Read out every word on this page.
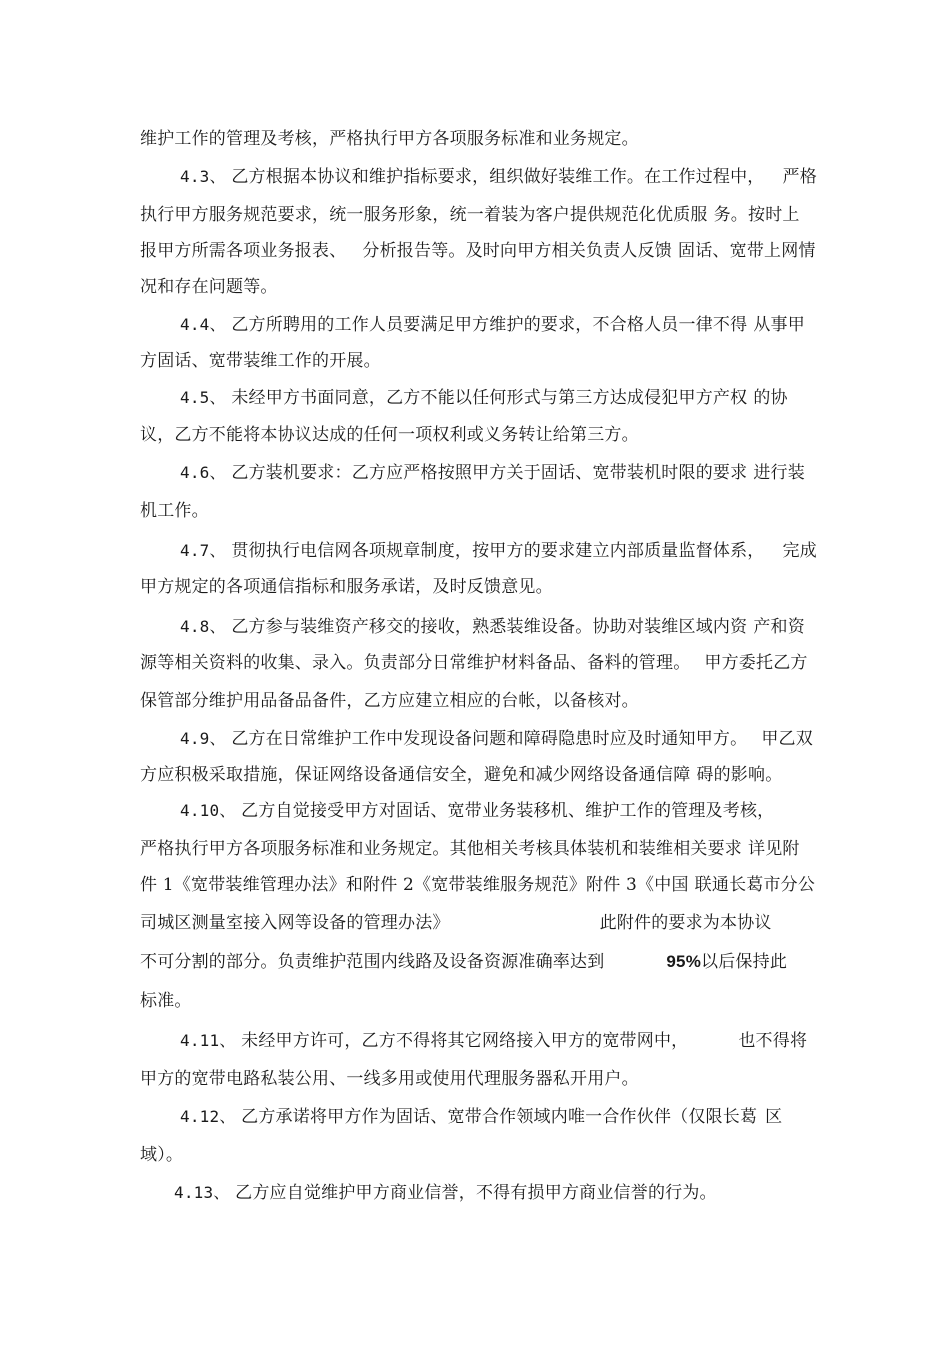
维护工作的管理及考核，严格执行甲方各项服务标准和业务规定。
4.3、 乙方根据本协议和维护指标要求，组织做好装维工作。在工作过程中， 严格
执行甲方服务规范要求，统一服务形象，统一着装为客户提供规范化优质服 务。按时上
报甲方所需各项业务报表、 分析报告等。及时向甲方相关负责人反馈 固话、宽带上网情
况和存在问题等。
4.4、 乙方所聘用的工作人员要满足甲方维护的要求，不合格人员一律不得 从事甲
方固话、宽带装维工作的开展。
4.5、 未经甲方书面同意，乙方不能以任何形式与第三方达成侵犯甲方产权 的协
议，乙方不能将本协议达成的任何一项权利或义务转让给第三方。
4.6、 乙方装机要求：乙方应严格按照甲方关于固话、宽带装机时限的要求 进行装
机工作。
4.7、 贯彻执行电信网各项规章制度，按甲方的要求建立内部质量监督体系， 完成
甲方规定的各项通信指标和服务承诺，及时反馈意见。
4.8、 乙方参与装维资产移交的接收，熟悉装维设备。协助对装维区域内资 产和资
源等相关资料的收集、录入。负责部分日常维护材料备品、备料的管理。 甲方委托乙方
保管部分维护用品备品备件，乙方应建立相应的台帐，以备核对。
4.9、 乙方在日常维护工作中发现设备问题和障碍隐患时应及时通知甲方。 甲乙双
方应积极采取措施，保证网络设备通信安全，避免和减少网络设备通信障 碍的影响。
4.10、 乙方自觉接受甲方对固话、宽带业务装移机、维护工作的管理及考核，
严格执行甲方各项服务标准和业务规定。其他相关考核具体装机和装维相关要求 详见附
件 1《宽带装维管理办法》和附件 2《宽带装维服务规范》附件 3《中国 联通长葛市分公
司城区测量室接入网等设备的管理办法》	此附件的要求为本协议
不可分割的部分。负责维护范围内线路及设备资源准确率达到	95%以后保持此
标准。
4.11、 未经甲方许可，乙方不得将其它网络接入甲方的宽带网中，	也不得将
甲方的宽带电路私装公用、一线多用或使用代理服务器私开用户。
4.12、 乙方承诺将甲方作为固话、宽带合作领域内唯一合作伙伴（仅限长葛 区
域）。
4.13、 乙方应自觉维护甲方商业信誉，不得有损甲方商业信誉的行为。
